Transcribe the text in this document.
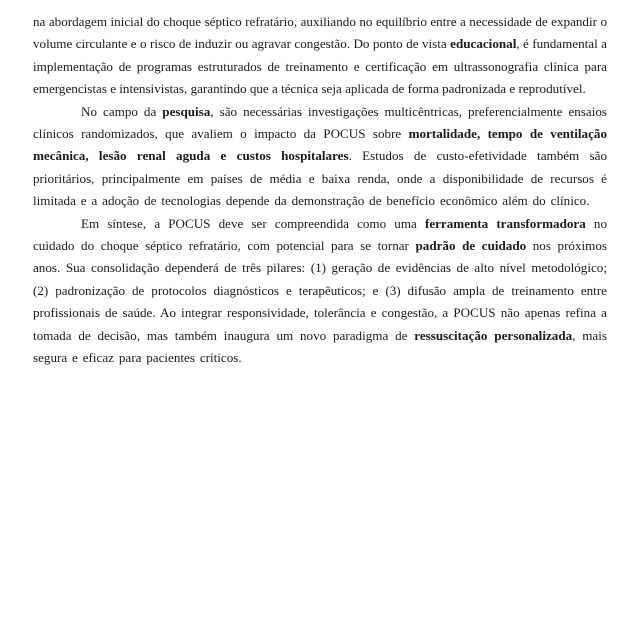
na abordagem inicial do choque séptico refratário, auxiliando no equilíbrio entre a necessidade de expandir o volume circulante e o risco de induzir ou agravar congestão. Do ponto de vista educacional, é fundamental a implementação de programas estruturados de treinamento e certificação em ultrassonografia clínica para emergencistas e intensivistas, garantindo que a técnica seja aplicada de forma padronizada e reprodutível.

No campo da pesquisa, são necessárias investigações multicêntricas, preferencialmente ensaios clínicos randomizados, que avaliem o impacto da POCUS sobre mortalidade, tempo de ventilação mecânica, lesão renal aguda e custos hospitalares. Estudos de custo-efetividade também são prioritários, principalmente em países de média e baixa renda, onde a disponibilidade de recursos é limitada e a adoção de tecnologias depende da demonstração de benefício econômico além do clínico.

Em síntese, a POCUS deve ser compreendida como uma ferramenta transformadora no cuidado do choque séptico refratário, com potencial para se tornar padrão de cuidado nos próximos anos. Sua consolidação dependerá de três pilares: (1) geração de evidências de alto nível metodológico; (2) padronização de protocolos diagnósticos e terapêuticos; e (3) difusão ampla de treinamento entre profissionais de saúde. Ao integrar responsividade, tolerância e congestão, a POCUS não apenas refina a tomada de decisão, mas também inaugura um novo paradigma de ressuscitação personalizada, mais segura e eficaz para pacientes críticos.
